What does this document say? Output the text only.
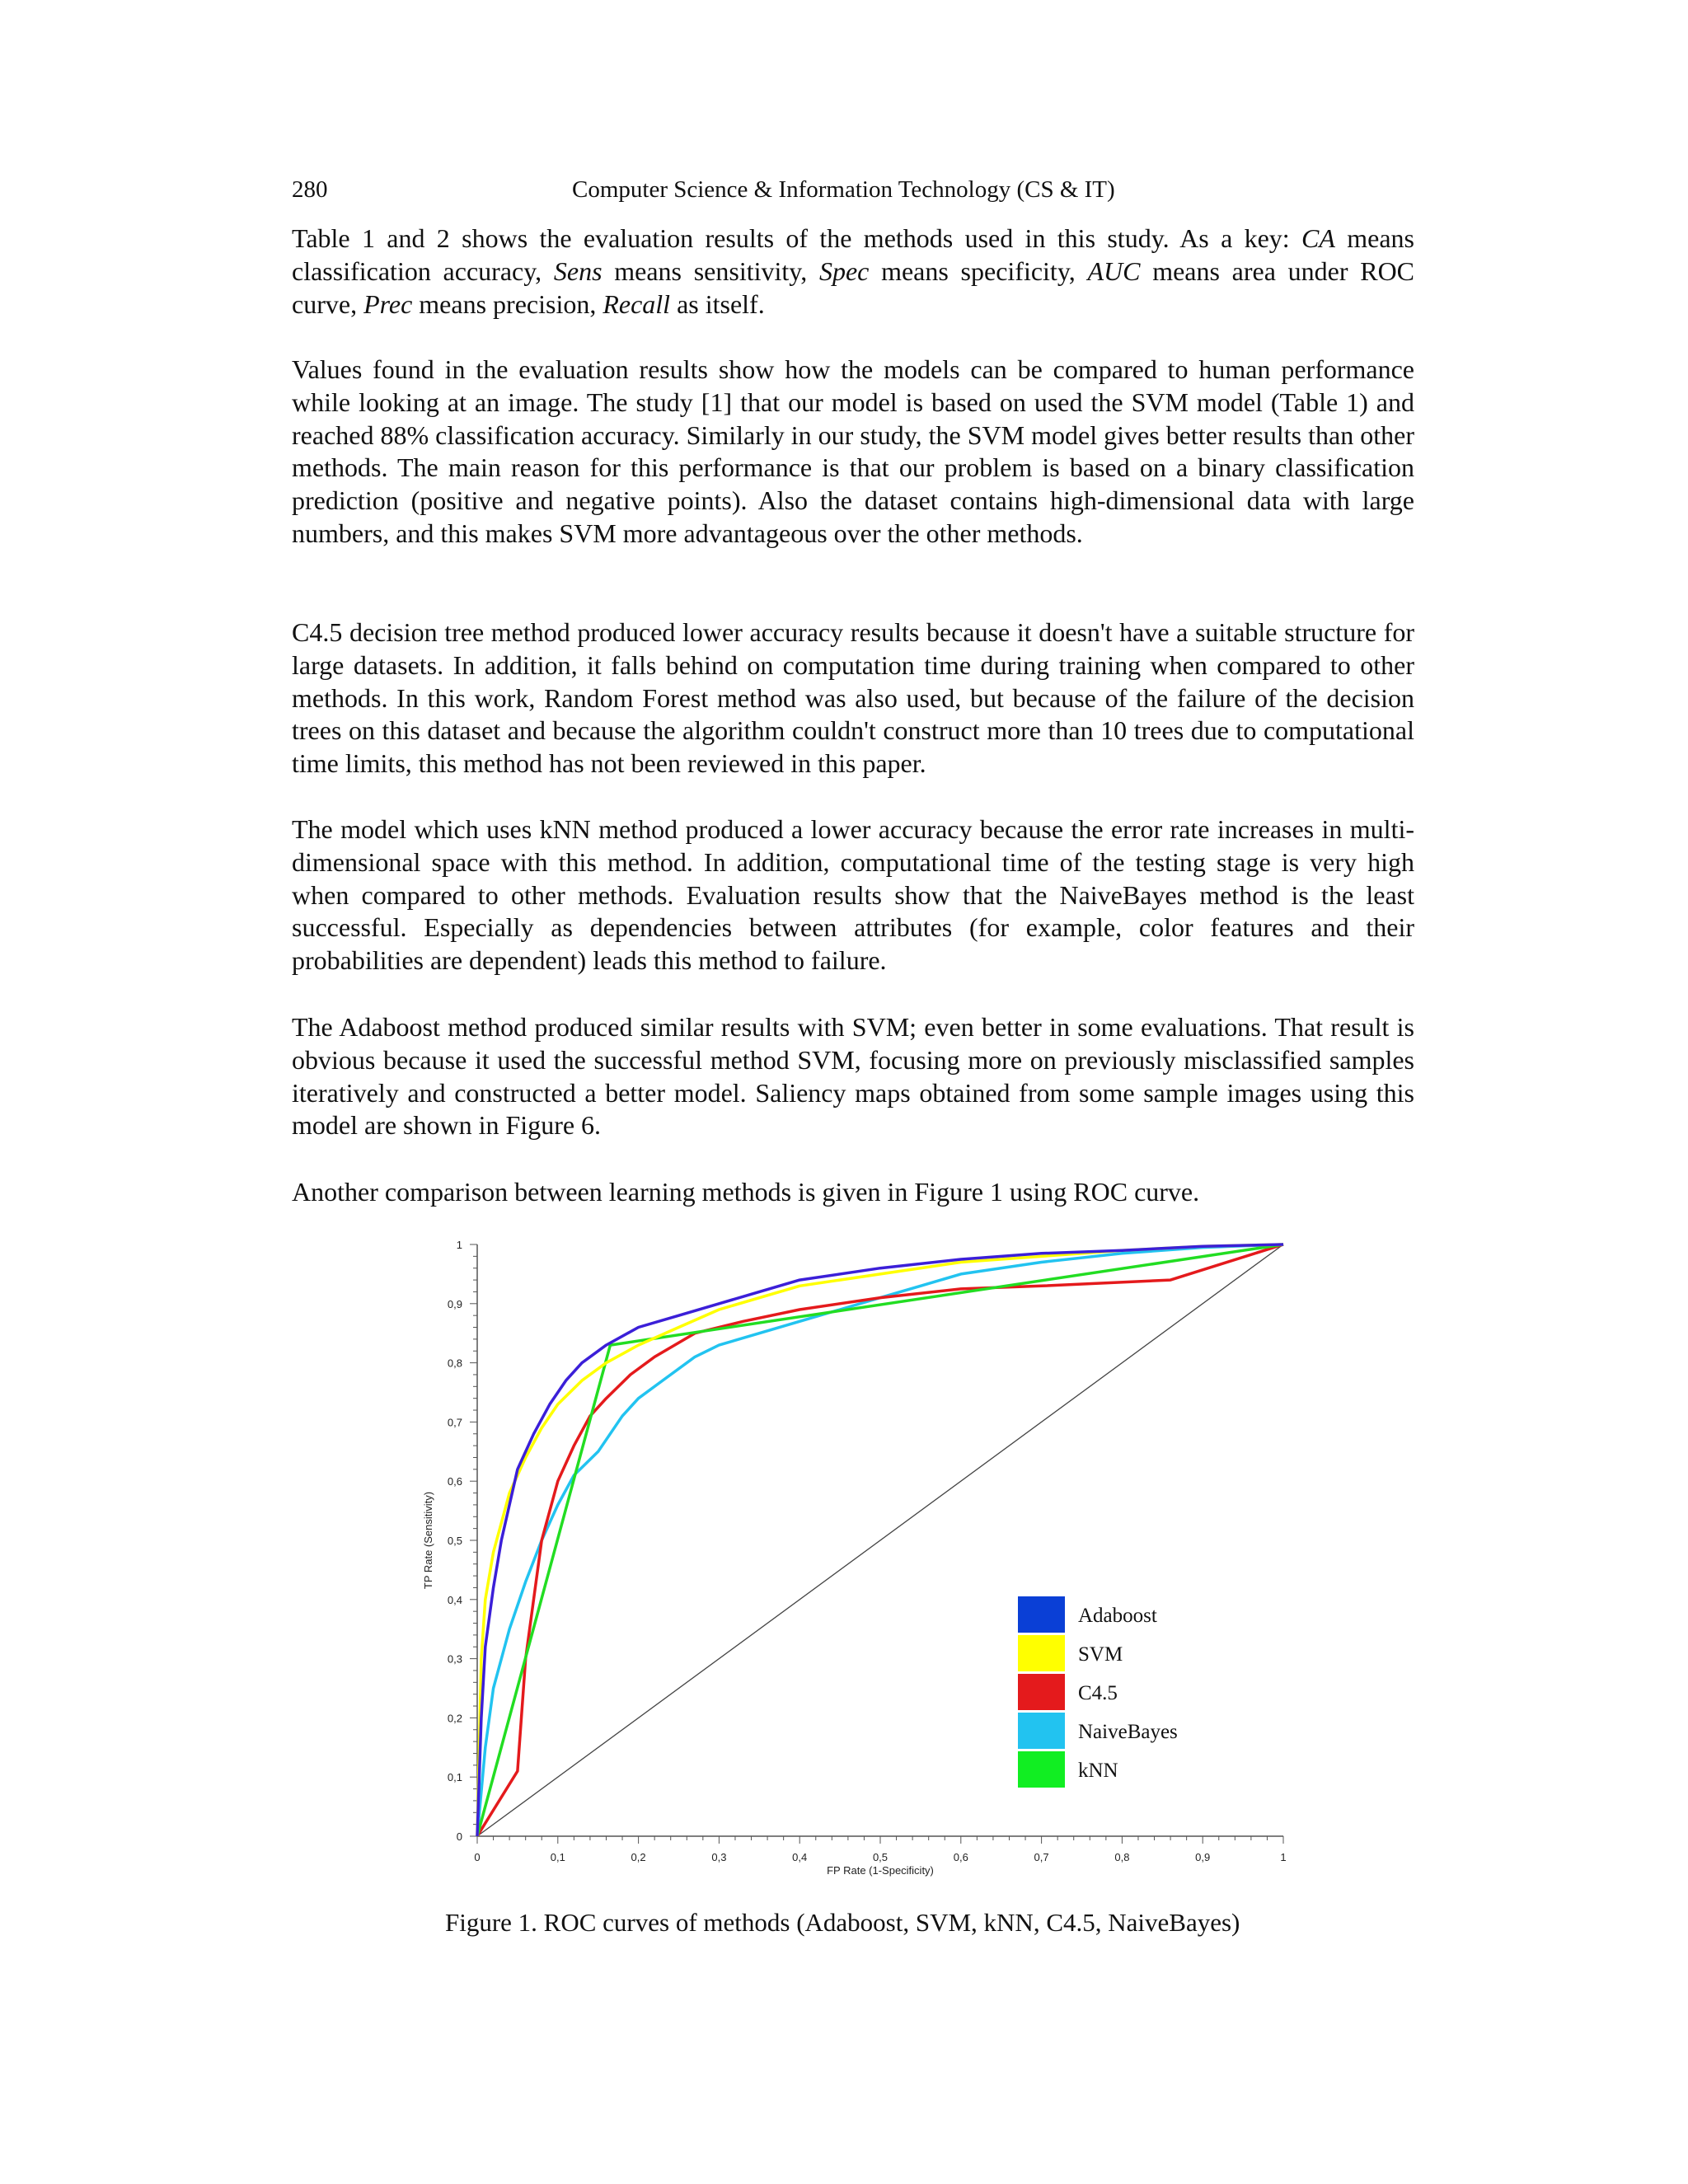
280	Computer Science & Information Technology (CS & IT)

Table 1 and 2 shows the evaluation results of the methods used in this study. As a key: CA means classification accuracy, Sens means sensitivity, Spec means specificity, AUC means area under ROC curve, Prec means precision, Recall as itself.

Values found in the evaluation results show how the models can be compared to human performance while looking at an image. The study [1] that our model is based on used the SVM model (Table 1) and reached 88% classification accuracy. Similarly in our study, the SVM model gives better results than other methods. The main reason for this performance is that our problem is based on a binary classification prediction (positive and negative points). Also the dataset contains high-dimensional data with large numbers, and this makes SVM more advantageous over the other methods.

C4.5 decision tree method produced lower accuracy results because it doesn't have a suitable structure for large datasets. In addition, it falls behind on computation time during training when compared to other methods. In this work, Random Forest method was also used, but because of the failure of the decision trees on this dataset and because the algorithm couldn't construct more than 10 trees due to computational time limits, this method has not been reviewed in this paper.

The model which uses kNN method produced a lower accuracy because the error rate increases in multi-dimensional space with this method. In addition, computational time of the testing stage is very high when compared to other methods. Evaluation results show that the NaiveBayes method is the least successful. Especially as dependencies between attributes (for example, color features and their probabilities are dependent) leads this method to failure.

The Adaboost method produced similar results with SVM; even better in some evaluations. That result is obvious because it used the successful method SVM, focusing more on previously misclassified samples iteratively and constructed a better model. Saliency maps obtained from some sample images using this model are shown in Figure 6.

Another comparison between learning methods is given in Figure 1 using ROC curve.

0	0,1	0,2	0,3	0,4	0,5	0,6	0,7	0,8	0,9	1
0
0,1
0,2
0,3
0,4
0,5
0,6
0,7
0,8
0,9
1
FP Rate (1-Specificity)
TP Rate (Sensitivity)
Adaboost
SVM
C4.5
NaiveBayes
kNN
Figure 1. ROC curves of methods (Adaboost, SVM, kNN, C4.5, NaiveBayes)
